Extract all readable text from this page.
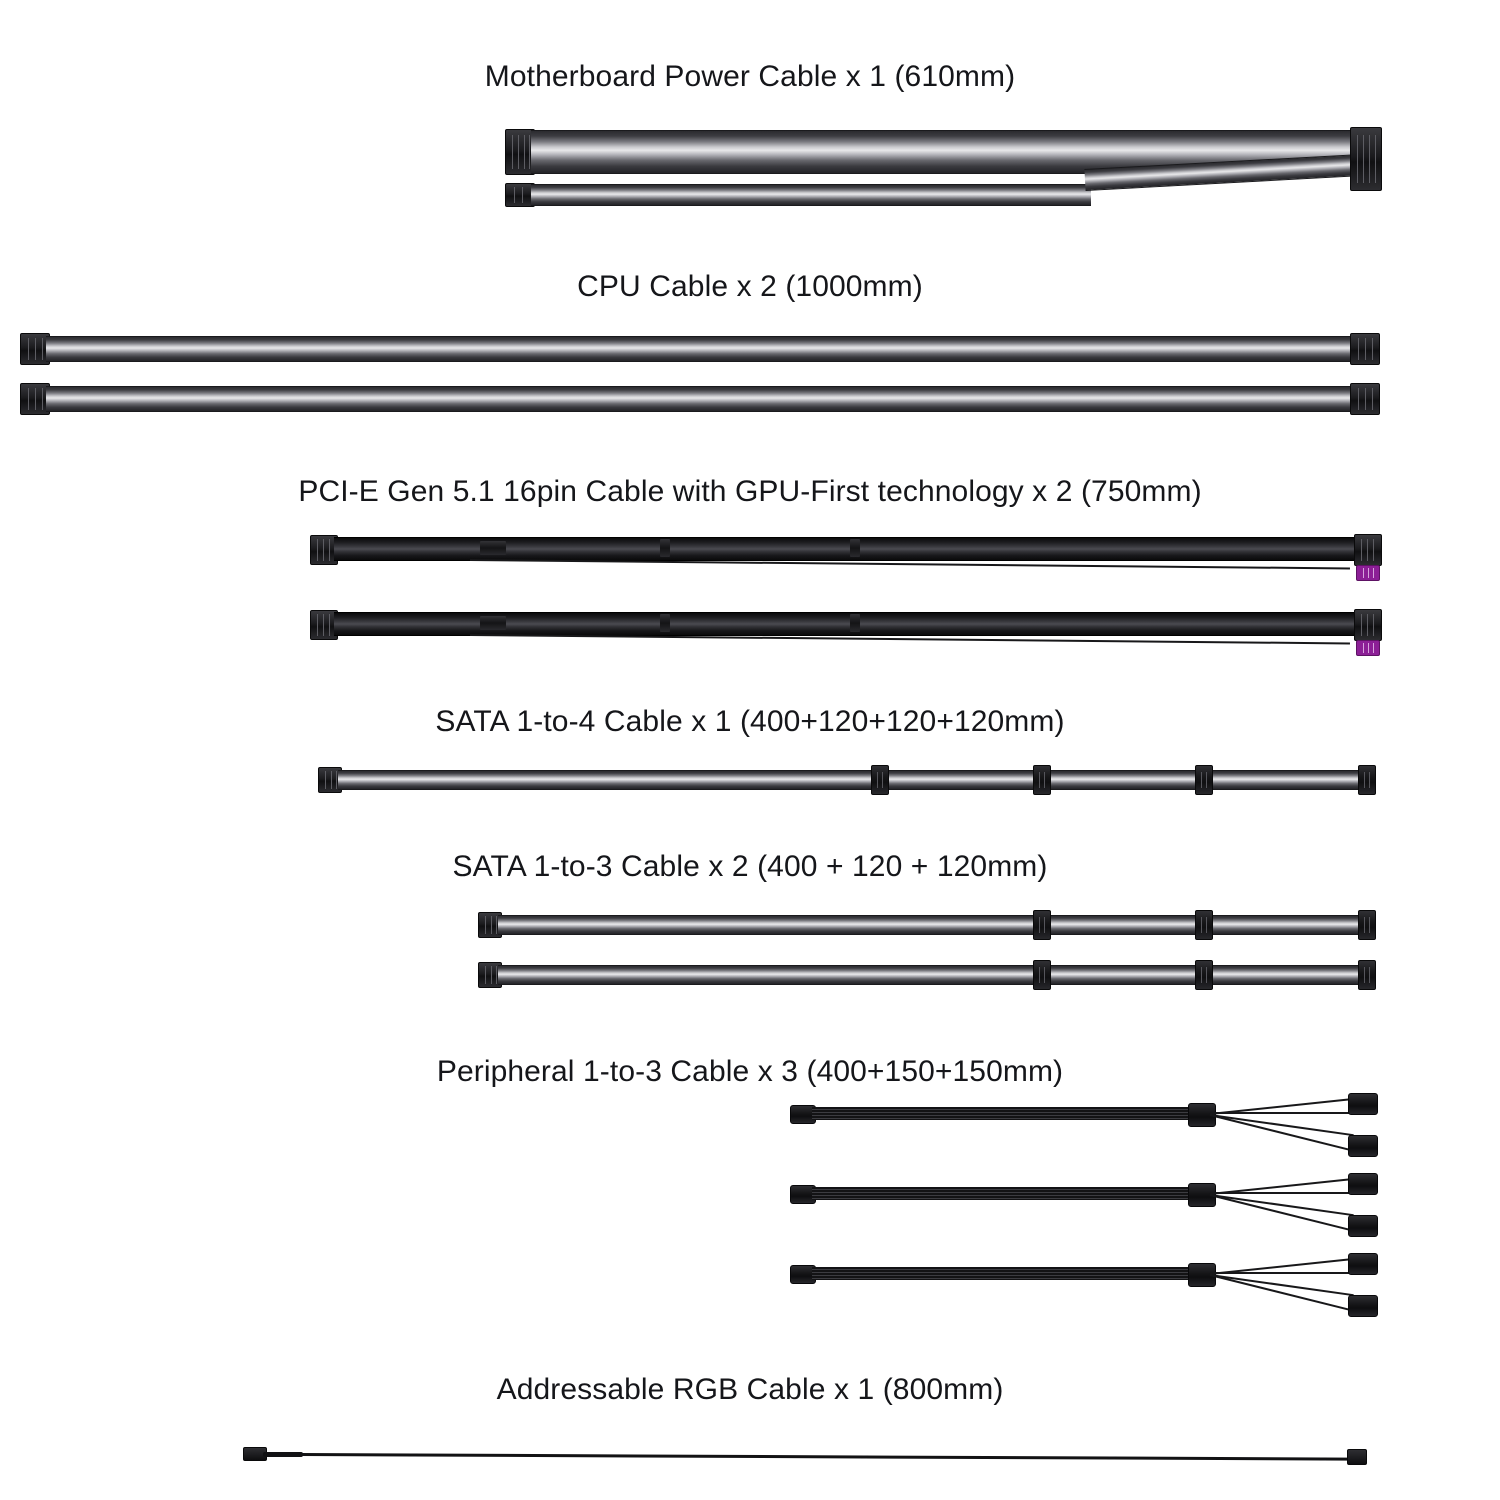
Motherboard Power Cable x 1 (610mm)
CPU Cable x 2 (1000mm)
PCI-E Gen 5.1 16pin Cable with GPU-First technology x 2 (750mm)
SATA 1-to-4 Cable x 1 (400+120+120+120mm)
SATA 1-to-3 Cable x 2 (400 + 120 + 120mm)
Peripheral 1-to-3 Cable x 3 (400+150+150mm)
Addressable RGB Cable x 1 (800mm)
